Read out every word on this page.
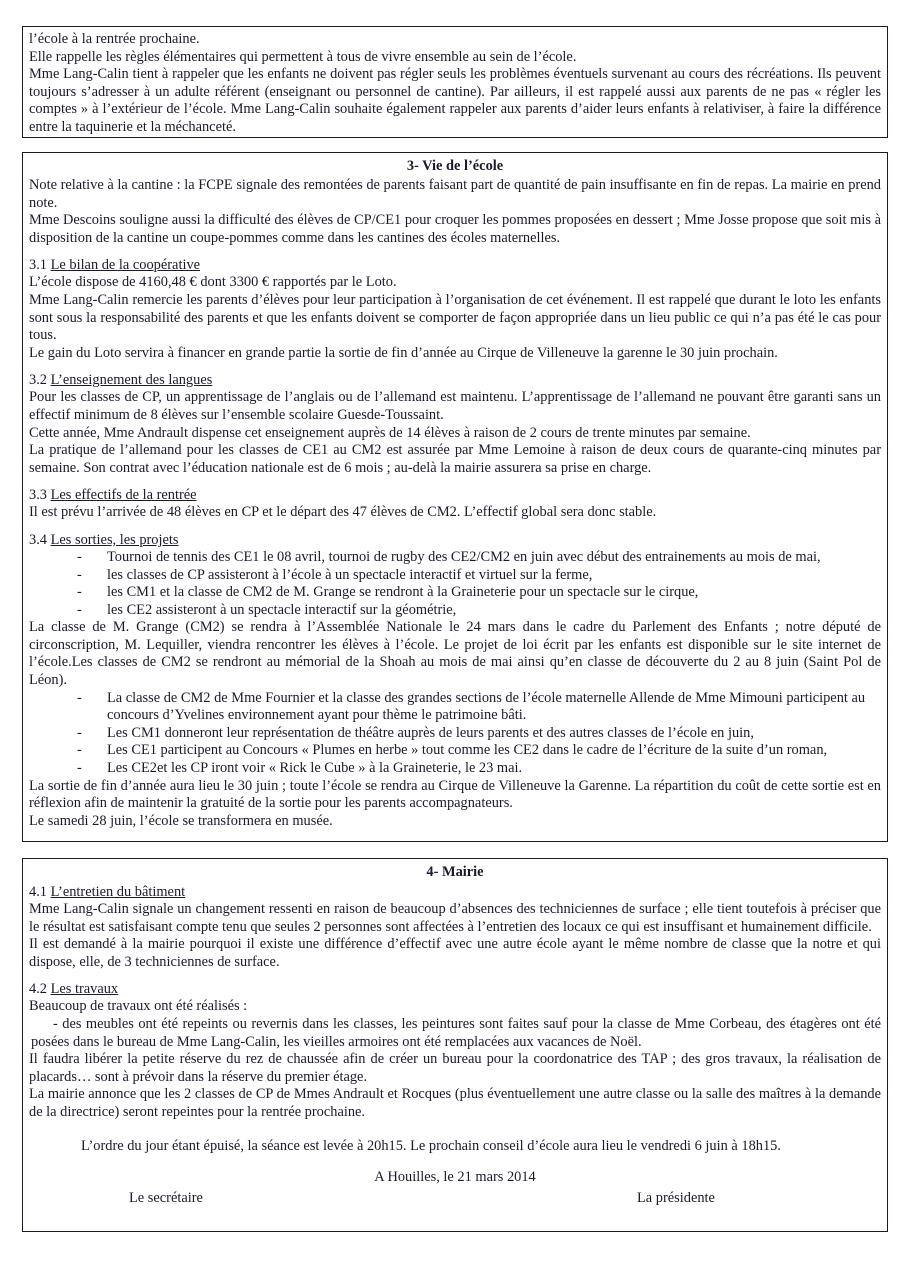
l’école à la rentrée prochaine.

Elle rappelle les règles élémentaires qui permettent à tous de vivre ensemble au sein de l’école.

Mme Lang-Calin tient à rappeler que les enfants ne doivent pas régler seuls les problèmes éventuels survenant au cours des récréations. Ils peuvent toujours s’adresser à un adulte référent (enseignant ou personnel de cantine). Par ailleurs, il est rappelé aussi aux parents de ne pas « régler les comptes » à l’extérieur de l’école. Mme Lang-Calin souhaite également rappeler aux parents d’aider leurs enfants à relativiser, à faire la différence entre la taquinerie et la méchanceté.

3- Vie de l’école

Note relative à la cantine : la FCPE signale des remontées de parents faisant part de quantité de pain insuffisante en fin de repas. La mairie en prend note.

Mme Descoins souligne aussi la difficulté des élèves de CP/CE1 pour croquer les pommes proposées en dessert ; Mme Josse propose que soit mis à disposition de la cantine un coupe-pommes comme dans les cantines des écoles maternelles.

3.1 Le bilan de la coopérative

L’école dispose de 4160,48 € dont 3300 € rapportés par le Loto.

Mme Lang-Calin remercie les parents d’élèves pour leur participation à l’organisation de cet événement. Il est rappelé que durant le loto les enfants sont sous la responsabilité des parents et que les enfants doivent se comporter de façon appropriée dans un lieu public ce qui n’a pas été le cas pour tous.

Le gain du Loto servira à financer en grande partie la sortie de fin d’année au Cirque de Villeneuve la garenne le 30 juin prochain.

3.2 L’enseignement des langues

Pour les classes de CP, un apprentissage de l’anglais ou de l’allemand est maintenu. L’apprentissage de l’allemand ne pouvant être garanti sans un effectif minimum de 8 élèves sur l’ensemble scolaire Guesde-Toussaint.

Cette année, Mme Andrault dispense cet enseignement auprès de 14 élèves à raison de 2 cours de trente minutes par semaine.

La pratique de l’allemand pour les classes de CE1 au CM2 est assurée par Mme Lemoine à raison de deux cours de quarante-cinq minutes par semaine. Son contrat avec l’éducation nationale est de 6 mois ; au-delà la mairie assurera sa prise en charge.

3.3 Les effectifs de la rentrée

Il est prévu l’arrivée de 48 élèves en CP et le départ des 47 élèves de CM2. L’effectif global sera donc stable.

3.4 Les sorties, les projets
- Tournoi de tennis des CE1 le 08 avril, tournoi de rugby des CE2/CM2 en juin avec début des entrainements au mois de mai,
- les classes de CP assisteront à l’école à un spectacle interactif et virtuel sur la ferme,
- les CM1 et la classe de CM2 de M. Grange se rendront à la Graineterie pour un spectacle sur le cirque,
- les CE2 assisteront à un spectacle interactif sur la géométrie,

La classe de M. Grange (CM2) se rendra à l’Assemblée Nationale le 24 mars dans le cadre du Parlement des Enfants ; notre député de circonscription, M. Lequiller, viendra rencontrer les élèves à l’école. Le projet de loi écrit par les enfants est disponible sur le site internet de l’école.Les classes de CM2 se rendront au mémorial de la Shoah au mois de mai ainsi qu’en classe de découverte du 2 au 8 juin (Saint Pol de Léon).

- La classe de CM2 de Mme Fournier et la classe des grandes sections de l’école maternelle Allende de Mme Mimouni participent au concours d’Yvelines environnement ayant pour thème le patrimoine bâti.
- Les CM1 donneront leur représentation de théâtre auprès de leurs parents et des autres classes de l’école en juin,
- Les CE1 participent au Concours « Plumes en herbe » tout comme les CE2 dans le cadre de l’écriture de la suite d’un roman,
- Les CE2et les CP iront voir « Rick le Cube » à la Graineterie, le 23 mai.

La sortie de fin d’année aura lieu le 30 juin ; toute l’école se rendra au Cirque de Villeneuve la Garenne. La répartition du coût de cette sortie est en réflexion afin de maintenir la gratuité de la sortie pour les parents accompagnateurs.

Le samedi 28 juin, l’école se transformera en musée.

4- Mairie
4.1 L’entretien du bâtiment

Mme Lang-Calin signale un changement ressenti en raison de beaucoup d’absences des techniciennes de surface ; elle tient toutefois à préciser que le résultat est satisfaisant compte tenu que seules 2 personnes sont affectées à l’entretien des locaux ce qui est insuffisant et humainement difficile.

Il est demandé à la mairie pourquoi il existe une différence d’effectif avec une autre école ayant le même nombre de classe que la notre et qui dispose, elle, de 3 techniciennes de surface.

4.2 Les travaux

Beaucoup de travaux ont été réalisés :

- des meubles ont été repeints ou revernis dans les classes, les peintures sont faites sauf pour la classe de Mme Corbeau, des étagères ont été posées dans le bureau de Mme Lang-Calin, les vieilles armoires ont été remplacées aux vacances de Noël.

Il faudra libérer la petite réserve du rez de chaussée afin de créer un bureau pour la coordonatrice des TAP ; des gros travaux, la réalisation de placards… sont à prévoir dans la réserve du premier étage.

La mairie annonce que les 2 classes de CP de Mmes Andrault et Rocques (plus éventuellement une autre classe ou la salle des maîtres à la demande de la directrice) seront repeintes pour la rentrée prochaine.

L’ordre du jour étant épuisé, la séance est levée à 20h15. Le prochain conseil d’école aura lieu le vendredi 6 juin à 18h15.
A Houilles, le 21 mars 2014
Le secrétaire	La présidente
